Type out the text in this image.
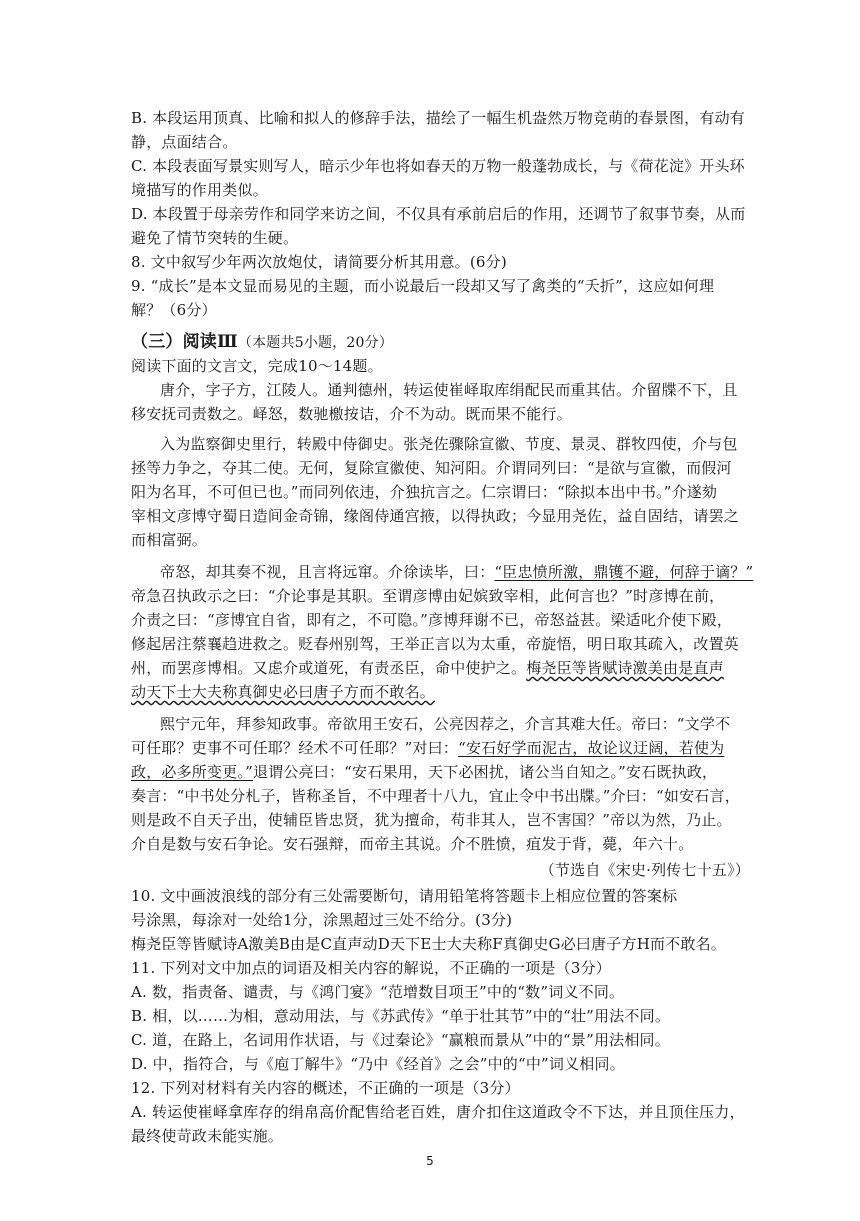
B. 本段运用顶真、比喻和拟人的修辞手法，描绘了一幅生机盎然万物竞萌的春景图，有动有
静，点面结合。
C. 本段表面写景实则写人，暗示少年也将如春天的万物一般蓬勃成长，与《荷花淀》开头环
境描写的作用类似。
D. 本段置于母亲劳作和同学来访之间，不仅具有承前启后的作用，还调节了叙事节奏，从而
避免了情节突转的生硬。
8. 文中叙写少年两次放炮仗，请简要分析其用意。(6分)
9. “成长”是本文显而易见的主题，而小说最后一段却又写了禽类的“夭折”，这应如何理
解？（6分）
（三）阅读Ⅲ（本题共5小题，20分）
阅读下面的文言文，完成10～14题。
唐介，字子方，江陵人。通判德州，转运使崔峄取库绢配民而重其估。介留牒不下，且
移安抚司责数之。峄怒，数驰檄按诘，介不为动。既而果不能行。
入为监察御史里行，转殿中侍御史。张尧佐骤除宣徽、节度、景灵、群牧四使，介与包
拯等力争之，夺其二使。无何，复除宣徽使、知河阳。介谓同列曰：“是欲与宣徽，而假河
阳为名耳，不可但已也。”而同列依违，介独抗言之。仁宗谓曰：“除拟本出中书。”介遂劾
宰相文彦博守蜀日造间金奇锦，缘阁侍通宫掖，以得执政；今显用尧佐，益自固结，请罢之
而相富弼。
帝怒，却其奏不视，且言将远窜。介徐读毕，曰：“臣忠愤所激，鼎镬不避，何辞于谪？”
帝急召执政示之曰：“介论事是其职。至谓彦博由妃嫔致宰相，此何言也？”时彦博在前，
介责之曰：“彦博宜自省，即有之，不可隐。”彦博拜谢不已，帝怒益甚。梁适叱介使下殿，
修起居注蔡襄趋进救之。贬春州别驾，王举正言以为太重，帝旋悟，明日取其疏入，改置英
州，而罢彦博相。又虑介或道死，有责丞臣，命中使护之。梅尧臣等皆赋诗激美由是直声
动天下士大夫称真御史必曰唐子方而不敢名。
熙宁元年，拜参知政事。帝欲用王安石，公亮因荐之，介言其难大任。帝曰：“文学不
可任耶？吏事不可任耶？经术不可任耶？”对曰：“安石好学而泥古，故论议迂阔，若使为
政，必多所变更。”退谓公亮曰：“安石果用，天下必困扰，诸公当自知之。”安石既执政，
奏言：“中书处分札子，皆称圣旨，不中理者十八九，宜止令中书出牒。”介曰：“如安石言，
则是政不自天子出，使辅臣皆忠贤，犹为擅命，苟非其人，岂不害国？”帝以为然，乃止。
介自是数与安石争论。安石强辩，而帝主其说。介不胜愤，疽发于背，薨，年六十。
（节选自《宋史·列传七十五》）
10. 文中画波浪线的部分有三处需要断句，请用铅笔将答题卡上相应位置的答案标
号涂黑，每涂对一处给1分，涂黑超过三处不给分。(3分)
梅尧臣等皆赋诗A激美B由是C直声动D天下E士大夫称F真御史G必曰唐子方H而不敢名。
11. 下列对文中加点的词语及相关内容的解说，不正确的一项是（3分）
A. 数，指责备、谴责，与《鸿门宴》“范增数目项王”中的“数”词义不同。
B. 相，以……为相，意动用法，与《苏武传》“单于壮其节”中的“壮”用法不同。
C. 道，在路上，名词用作状语，与《过秦论》“赢粮而景从”中的“景”用法相同。
D. 中，指符合，与《庖丁解牛》“乃中《经首》之会”中的“中”词义相同。
12. 下列对材料有关内容的概述，不正确的一项是（3分）
A. 转运使崔峄拿库存的绢帛高价配售给老百姓，唐介扣住这道政令不下达，并且顶住压力，
最终使苛政未能实施。
5
